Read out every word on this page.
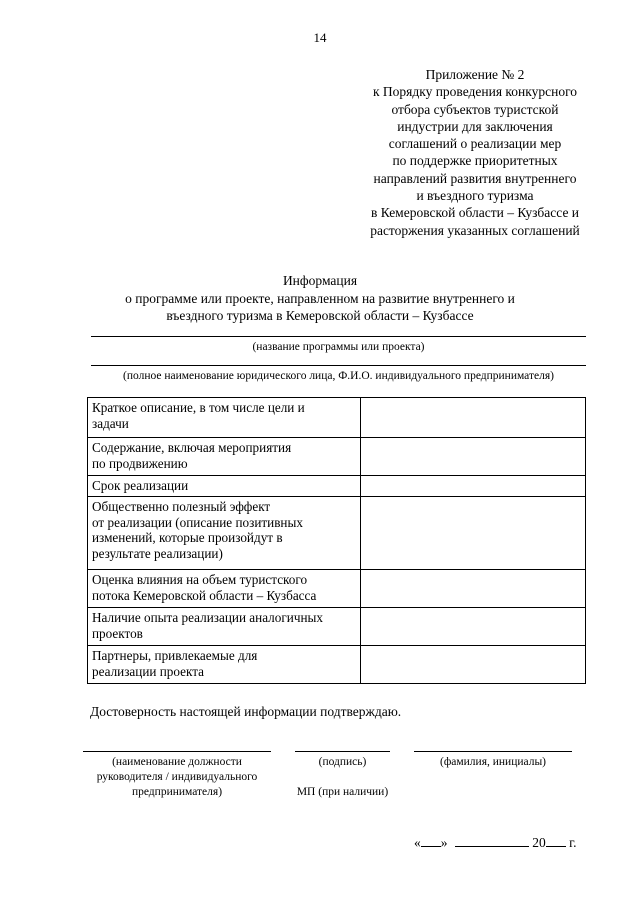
14
Приложение № 2
к Порядку проведения конкурсного
отбора субъектов туристской
индустрии для заключения
соглашений о реализации мер
по поддержке приоритетных
направлений развития внутреннего
и въездного туризма
в Кемеровской области – Кузбассе и
расторжения указанных соглашений
Информация
о программе или проекте, направленном на развитие внутреннего и
въездного туризма в Кемеровской области – Кузбассе
(название программы или проекта)
(полное наименование юридического лица, Ф.И.О. индивидуального предпринимателя)
Краткое описание, в том числе цели и
задачи	

Содержание, включая мероприятия
по продвижению	

Срок реализации	

Общественно полезный эффект
от реализации (описание позитивных
изменений, которые произойдут в
результате реализации)	

Оценка влияния на объем туристского
потока Кемеровской области – Кузбасса	

Наличие опыта реализации аналогичных
проектов	

Партнеры, привлекаемые для
реализации проекта	

Достоверность настоящей информации подтверждаю.
(наименование должности
руководителя / индивидуального
предпринимателя)
(подпись)
МП (при наличии)
(фамилия, инициалы)
« »	20 г.
